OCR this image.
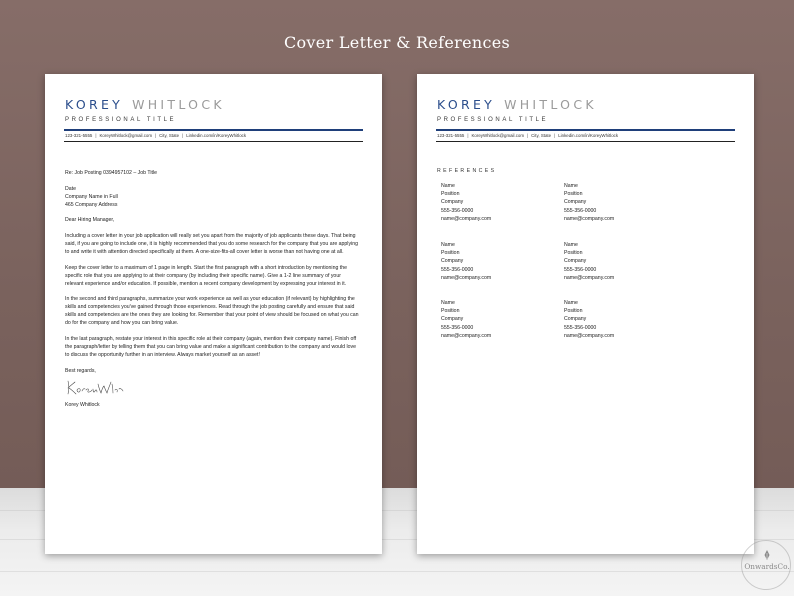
Cover Letter & References
KOREY WHITLOCK
PROFESSIONAL TITLE
123-321-5555 | KoreyWhitlock@gmail.com | City, State | Linkedin.com/in/KoreyWhitlock

Re: Job Posting 0394957102 – Job Title

Date
Company Name in Full
465 Company Address

Dear Hiring Manager,

Including a cover letter in your job application will really set you apart from the majority of job applicants these days. That being said, if you are going to include one, it is highly recommended that you do some research for the company that you are applying to and write it with attention directed specifically at them. A one-size-fits-all cover letter is worse than not having one at all.

Keep the cover letter to a maximum of 1 page in length. Start the first paragraph with a short introduction by mentioning the specific role that you are applying to at their company (by including their specific name). Give a 1-2 line summary of your relevant experience and/or education. If possible, mention a recent company development by expressing your interest in it.

In the second and third paragraphs, summarize your work experience as well as your education (if relevant) by highlighting the skills and competencies you've gained through those experiences. Read through the job posting carefully and ensure that said skills and competencies are the ones they are looking for. Remember that your point of view should be focused on what you can do for the company and how you can bring value.

In the last paragraph, restate your interest in this specific role at their company (again, mention their company name). Finish off the paragraph/letter by telling them that you can bring value and make a significant contribution to the company and would love to discuss the opportunity further in an interview. Always market yourself as an asset!

Best regards,
Korey Whitlock
KOREY WHITLOCK
PROFESSIONAL TITLE
123-321-5555 | KoreyWhitlock@gmail.com | City, State | Linkedin.com/in/KoreyWhitlock
REFERENCES
Name
Position
Company
555-356-0000
name@company.com
Name
Position
Company
555-356-0000
name@company.com
Name
Position
Company
555-356-0000
name@company.com
Name
Position
Company
555-356-0000
name@company.com
Name
Position
Company
555-356-0000
name@company.com
Name
Position
Company
555-356-0000
name@company.com
OnwardsCo.
